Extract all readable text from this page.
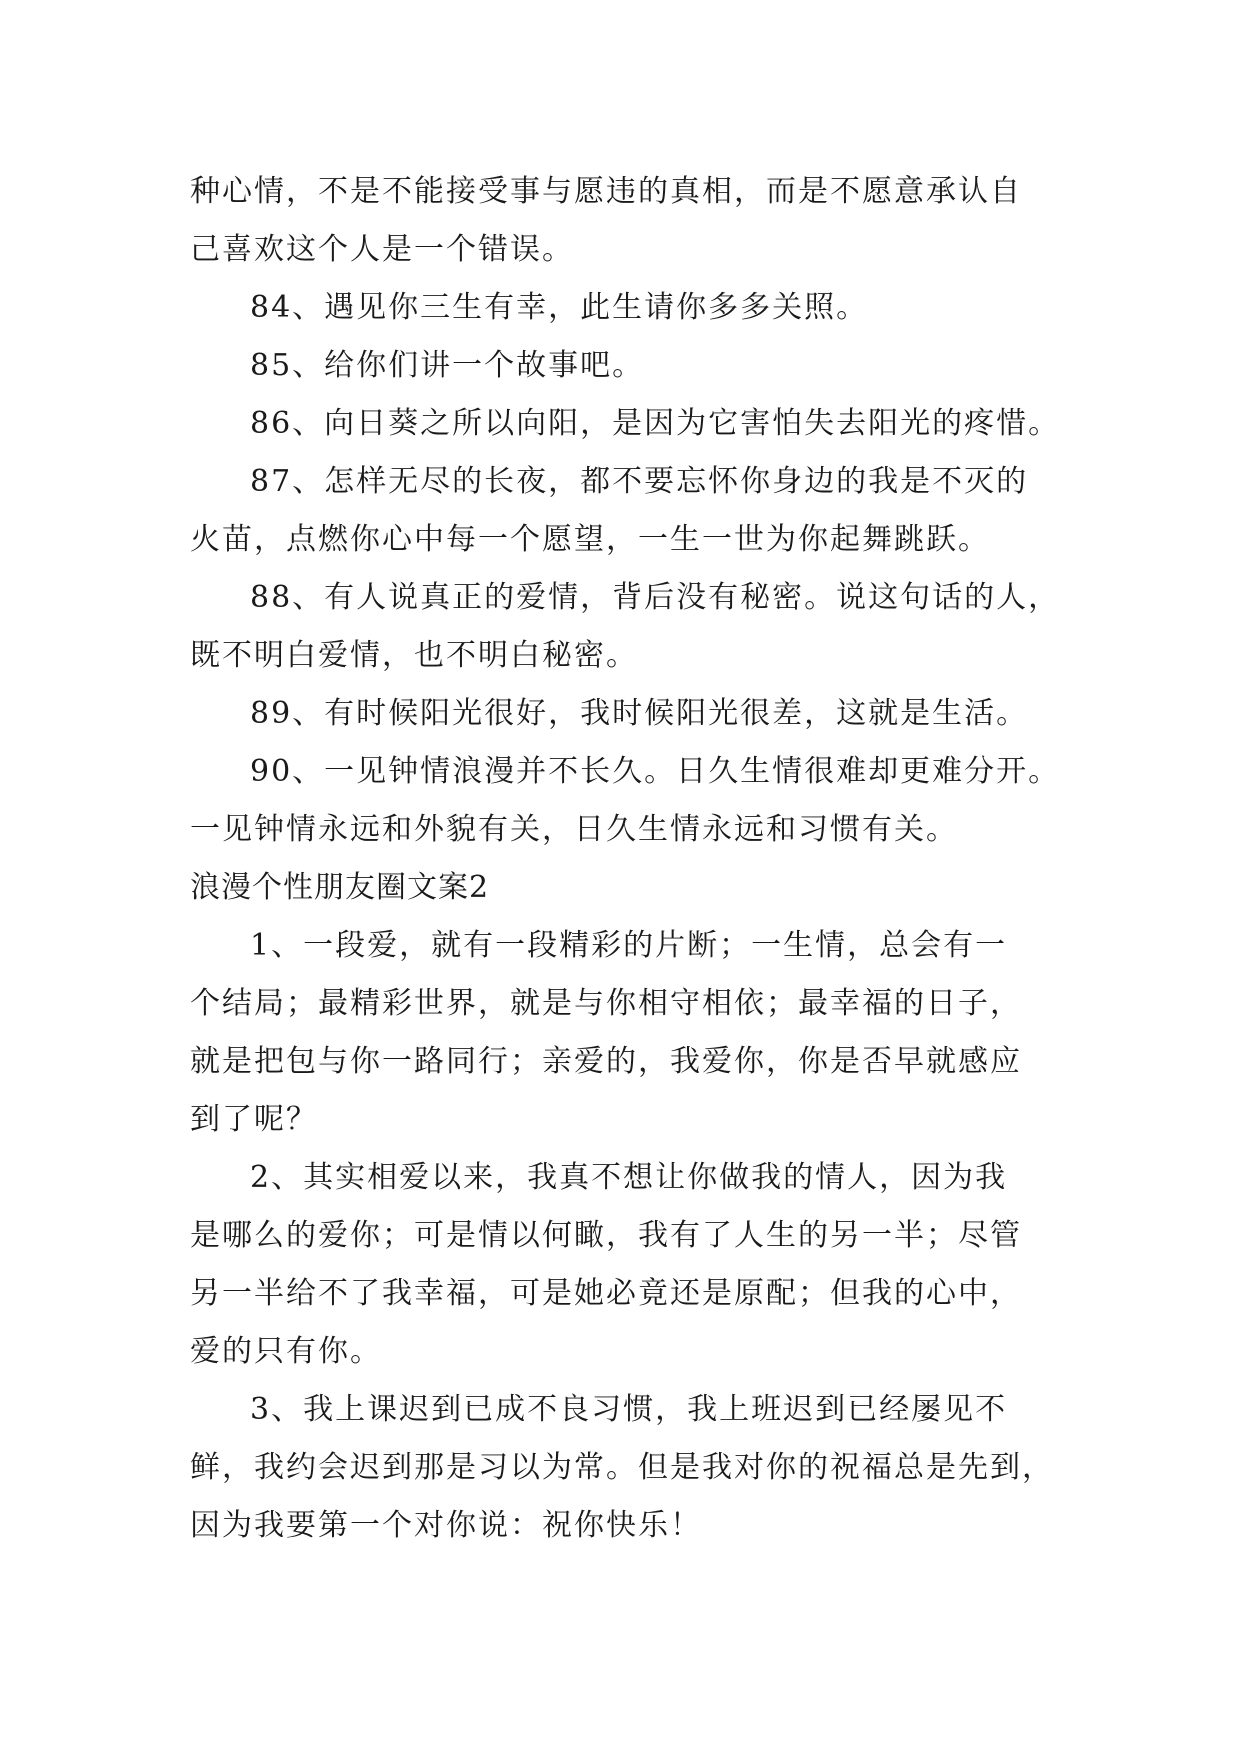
种心情，不是不能接受事与愿违的真相，而是不愿意承认自
己喜欢这个人是一个错误。
84、遇见你三生有幸，此生请你多多关照。
85、给你们讲一个故事吧。
86、向日葵之所以向阳，是因为它害怕失去阳光的疼惜。
87、怎样无尽的长夜，都不要忘怀你身边的我是不灭的
火苗，点燃你心中每一个愿望，一生一世为你起舞跳跃。
88、有人说真正的爱情，背后没有秘密。说这句话的人，
既不明白爱情，也不明白秘密。
89、有时候阳光很好，我时候阳光很差，这就是生活。
90、一见钟情浪漫并不长久。日久生情很难却更难分开。
一见钟情永远和外貌有关，日久生情永远和习惯有关。
浪漫个性朋友圈文案2
1、一段爱，就有一段精彩的片断；一生情，总会有一
个结局；最精彩世界，就是与你相守相依；最幸福的日子，
就是把包与你一路同行；亲爱的，我爱你，你是否早就感应
到了呢？
2、其实相爱以来，我真不想让你做我的情人，因为我
是哪么的爱你；可是情以何瞰，我有了人生的另一半；尽管
另一半给不了我幸福，可是她必竟还是原配；但我的心中，
爱的只有你。
3、我上课迟到已成不良习惯，我上班迟到已经屡见不
鲜，我约会迟到那是习以为常。但是我对你的祝福总是先到，
因为我要第一个对你说：祝你快乐！
